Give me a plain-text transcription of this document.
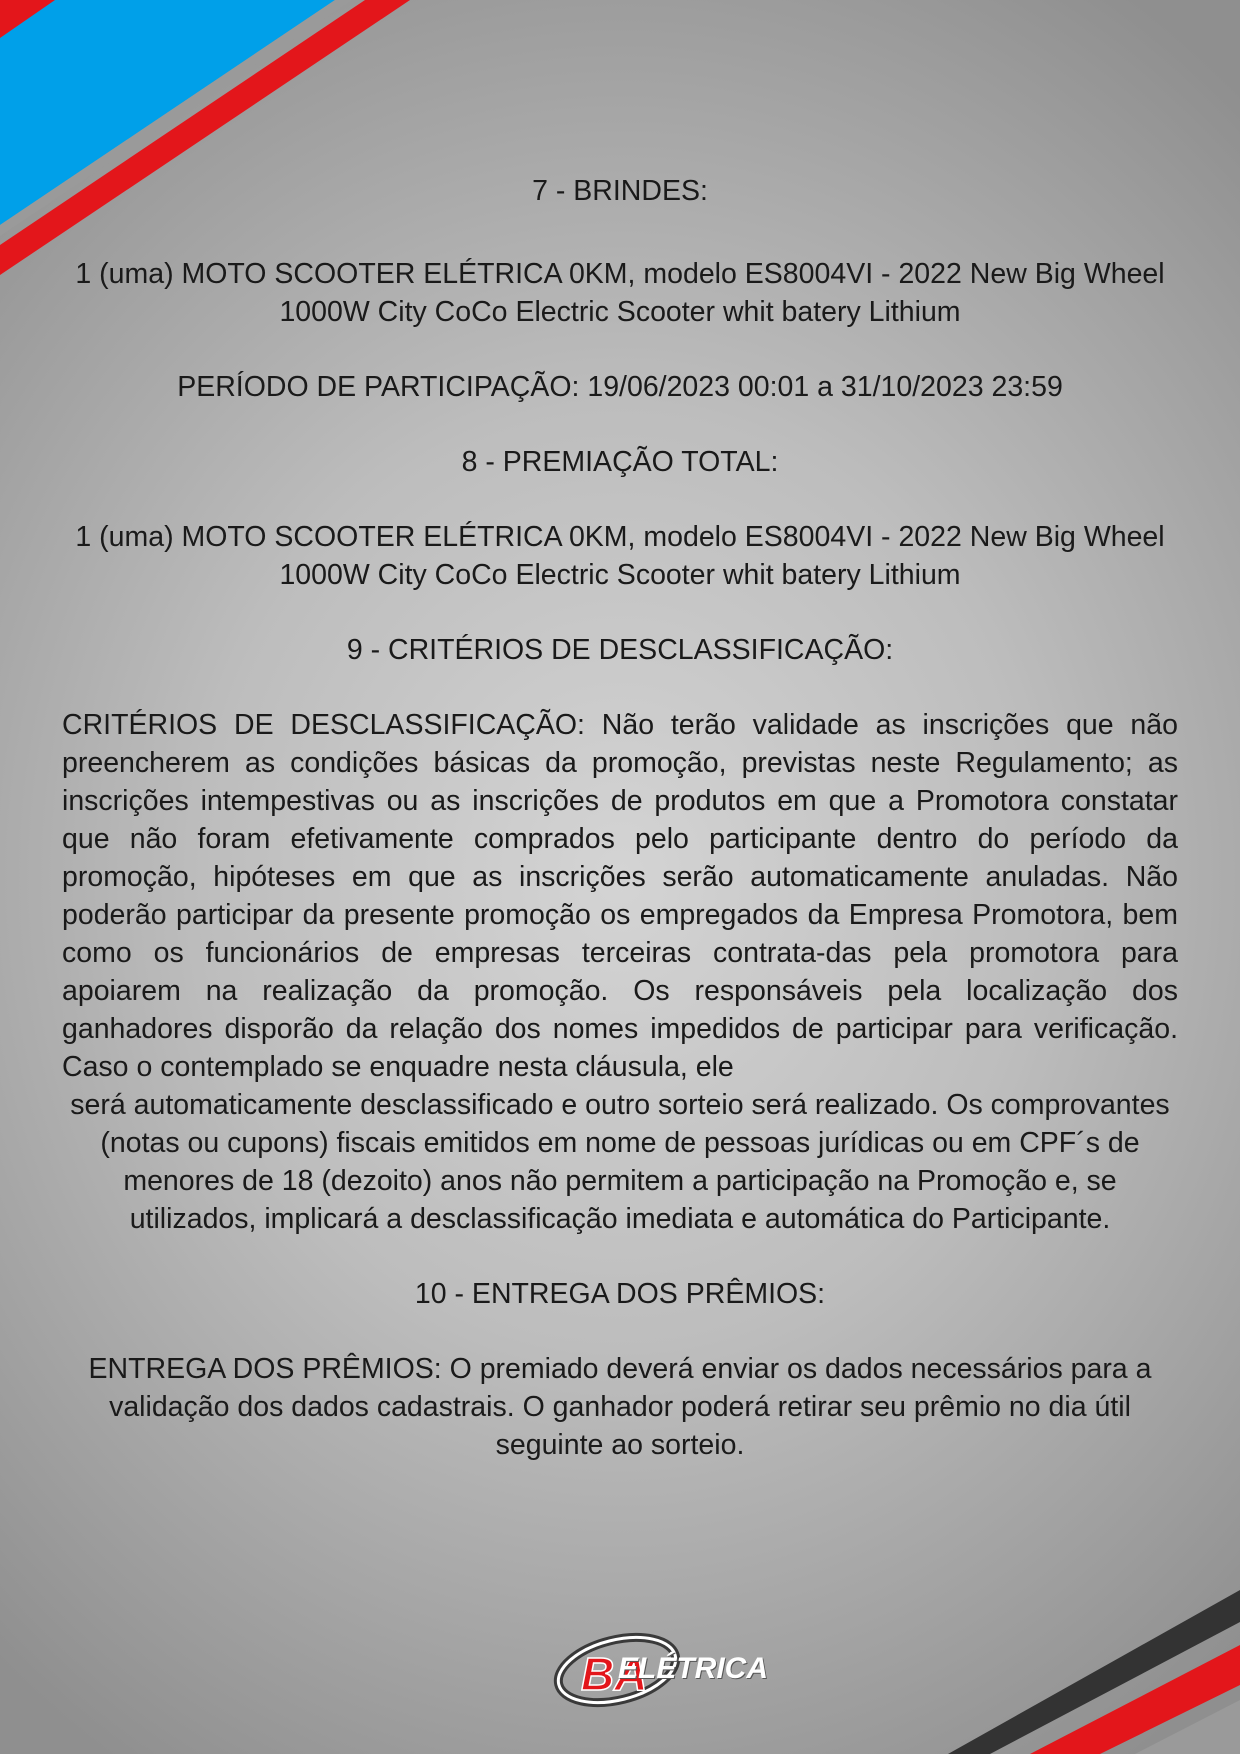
7 - BRINDES:

1 (uma) MOTO SCOOTER ELÉTRICA 0KM, modelo ES8004VI - 2022 New Big Wheel

1000W City CoCo Electric Scooter whit batery Lithium

PERÍODO DE PARTICIPAÇÃO: 19/06/2023 00:01 a 31/10/2023 23:59

8 - PREMIAÇÃO TOTAL:

1 (uma) MOTO SCOOTER ELÉTRICA 0KM, modelo ES8004VI - 2022 New Big Wheel

1000W City CoCo Electric Scooter whit batery Lithium

9 - CRITÉRIOS DE DESCLASSIFICAÇÃO:

CRITÉRIOS DE DESCLASSIFICAÇÃO: Não terão validade as inscrições que não preencherem as condições básicas da promoção, previstas neste Regulamento; as inscrições intempestivas ou as inscrições de produtos em que a Promotora constatar que não foram efetivamente comprados pelo participante dentro do período da promoção, hipóteses em que as inscrições serão automaticamente anuladas. Não poderão participar da presente promoção os empregados da Empresa Promotora, bem como os funcionários de empresas terceiras contrata-das pela promotora para apoiarem na realização da promoção. Os responsáveis pela localização dos ganhadores disporão da relação dos nomes impedidos de participar para verificação. Caso o contemplado se enquadre nesta cláusula, ele

será automaticamente desclassificado e outro sorteio será realizado. Os comprovantes (notas ou cupons) fiscais emitidos em nome de pessoas jurídicas ou em CPF´s de menores de 18 (dezoito) anos não permitem a participação na Promoção e, se utilizados, implicará a desclassificação imediata e automática do Participante.

10 - ENTREGA DOS PRÊMIOS:

ENTREGA DOS PRÊMIOS: O premiado deverá enviar os dados necessários para a validação dos dados cadastrais. O ganhador poderá retirar seu prêmio no dia útil seguinte ao sorteio.

BA
ELÉTRICA
